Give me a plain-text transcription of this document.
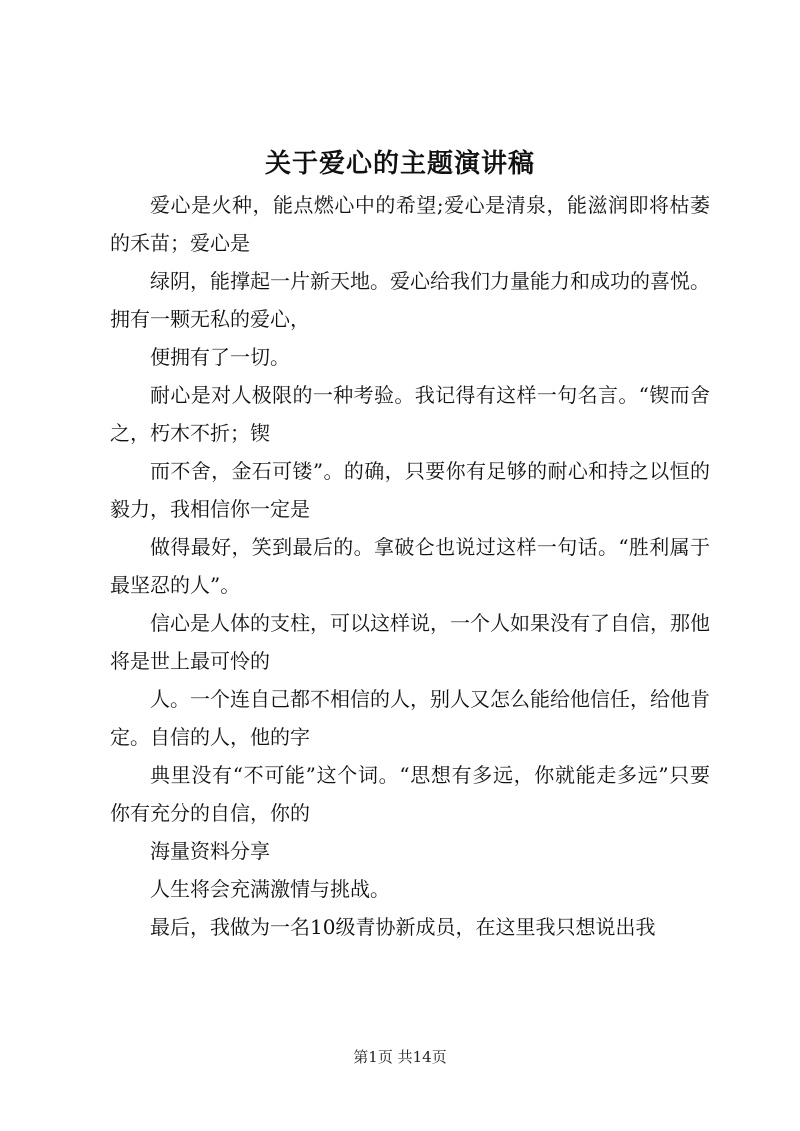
关于爱心的主题演讲稿

爱心是火种，能点燃心中的希望;爱心是清泉，能滋润即将枯萎的禾苗；爱心是

绿阴，能撑起一片新天地。爱心给我们力量能力和成功的喜悦。拥有一颗无私的爱心，

便拥有了一切。

耐心是对人极限的一种考验。我记得有这样一句名言。“锲而舍之，朽木不折；锲

而不舍，金石可镂”。的确，只要你有足够的耐心和持之以恒的毅力，我相信你一定是

做得最好，笑到最后的。拿破仑也说过这样一句话。“胜利属于最坚忍的人”。

信心是人体的支柱，可以这样说，一个人如果没有了自信，那他将是世上最可怜的

人。一个连自己都不相信的人，别人又怎么能给他信任，给他肯定。自信的人，他的字

典里没有“不可能”这个词。“思想有多远，你就能走多远”只要你有充分的自信，你的

海量资料分享

人生将会充满激情与挑战。

最后，我做为一名10级青协新成员，在这里我只想说出我

第1页 共14页
